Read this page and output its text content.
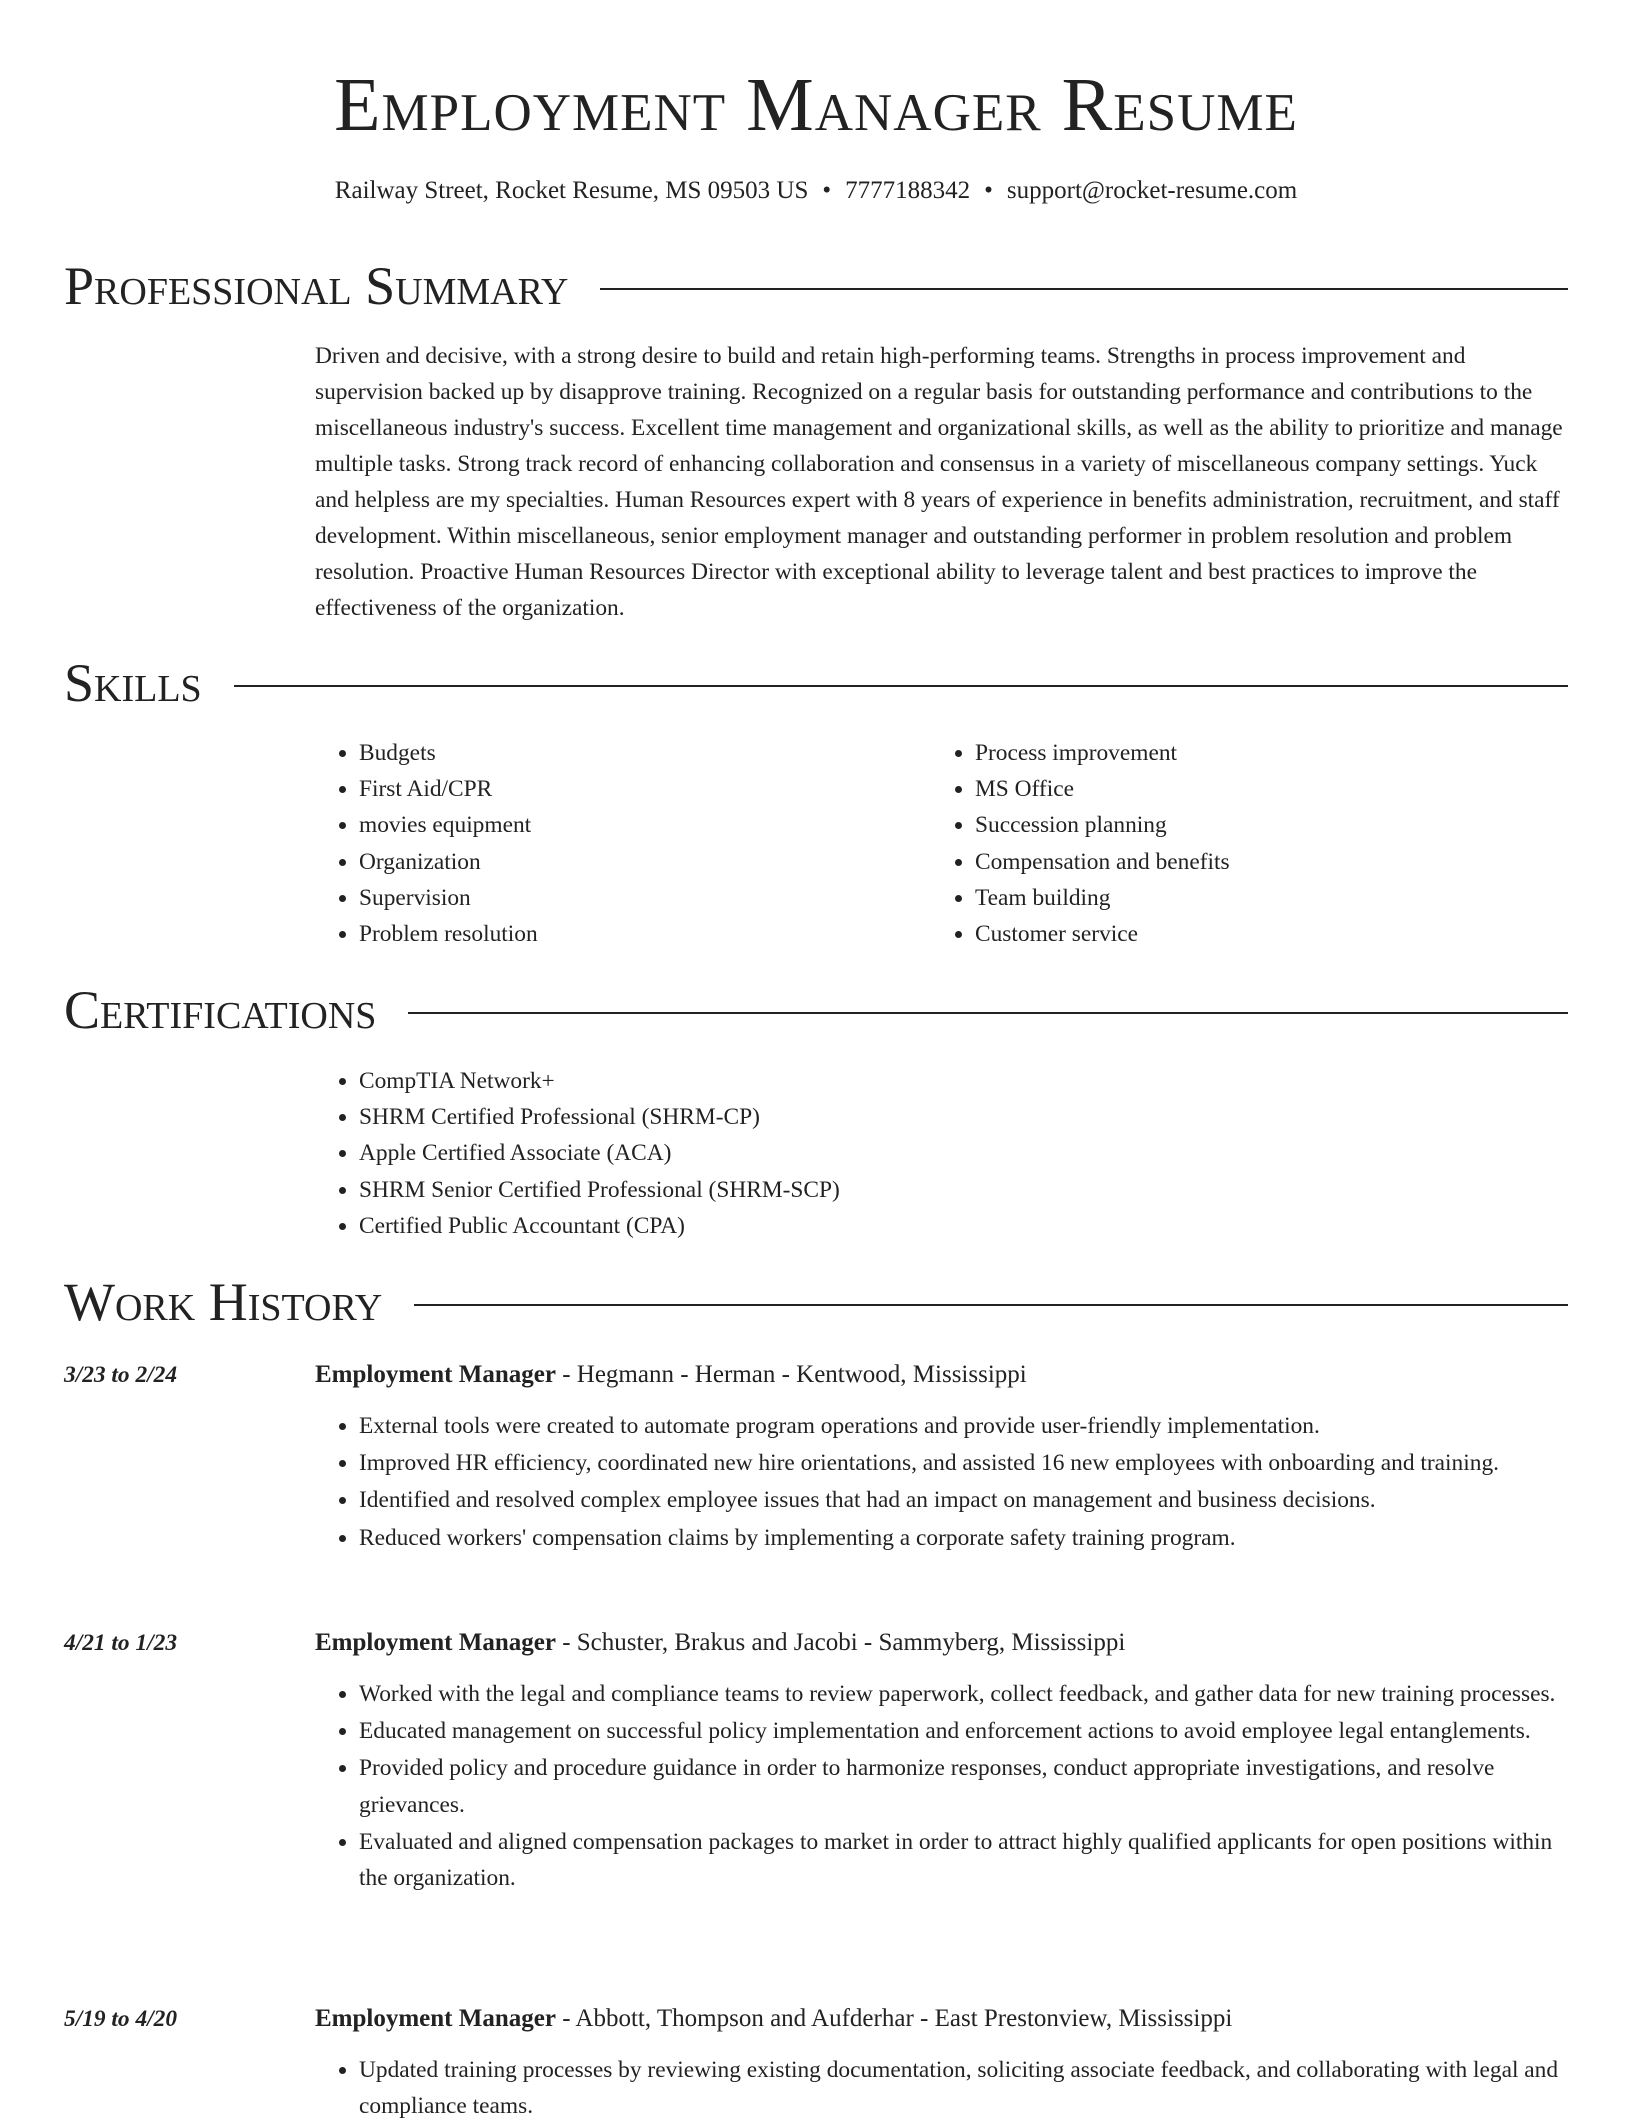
Employment Manager Resume
Railway Street, Rocket Resume, MS 09503 US • 7777188342 • support@rocket-resume.com
Professional Summary

Driven and decisive, with a strong desire to build and retain high-performing teams. Strengths in process improvement and supervision backed up by disapprove training. Recognized on a regular basis for outstanding performance and contributions to the miscellaneous industry's success. Excellent time management and organizational skills, as well as the ability to prioritize and manage multiple tasks. Strong track record of enhancing collaboration and consensus in a variety of miscellaneous company settings. Yuck and helpless are my specialties. Human Resources expert with 8 years of experience in benefits administration, recruitment, and staff development. Within miscellaneous, senior employment manager and outstanding performer in problem resolution and problem resolution. Proactive Human Resources Director with exceptional ability to leverage talent and best practices to improve the effectiveness of the organization.

Skills
• Budgets
• First Aid/CPR
• movies equipment
• Organization
• Supervision
• Problem resolution
• Process improvement
• MS Office
• Succession planning
• Compensation and benefits
• Team building
• Customer service
Certifications
• CompTIA Network+
• SHRM Certified Professional (SHRM-CP)
• Apple Certified Associate (ACA)
• SHRM Senior Certified Professional (SHRM-SCP)
• Certified Public Accountant (CPA)
Work History
3/23 to 2/24	Employment Manager - Hegmann - Herman - Kentwood, Mississippi
• External tools were created to automate program operations and provide user-friendly implementation.
• Improved HR efficiency, coordinated new hire orientations, and assisted 16 new employees with onboarding and training.
• Identified and resolved complex employee issues that had an impact on management and business decisions.
• Reduced workers' compensation claims by implementing a corporate safety training program.
4/21 to 1/23	Employment Manager - Schuster, Brakus and Jacobi - Sammyberg, Mississippi
• Worked with the legal and compliance teams to review paperwork, collect feedback, and gather data for new training processes.
• Educated management on successful policy implementation and enforcement actions to avoid employee legal entanglements.
• Provided policy and procedure guidance in order to harmonize responses, conduct appropriate investigations, and resolve grievances.
• Evaluated and aligned compensation packages to market in order to attract highly qualified applicants for open positions within the organization.
5/19 to 4/20	Employment Manager - Abbott, Thompson and Aufderhar - East Prestonview, Mississippi
• Updated training processes by reviewing existing documentation, soliciting associate feedback, and collaborating with legal and compliance teams.
